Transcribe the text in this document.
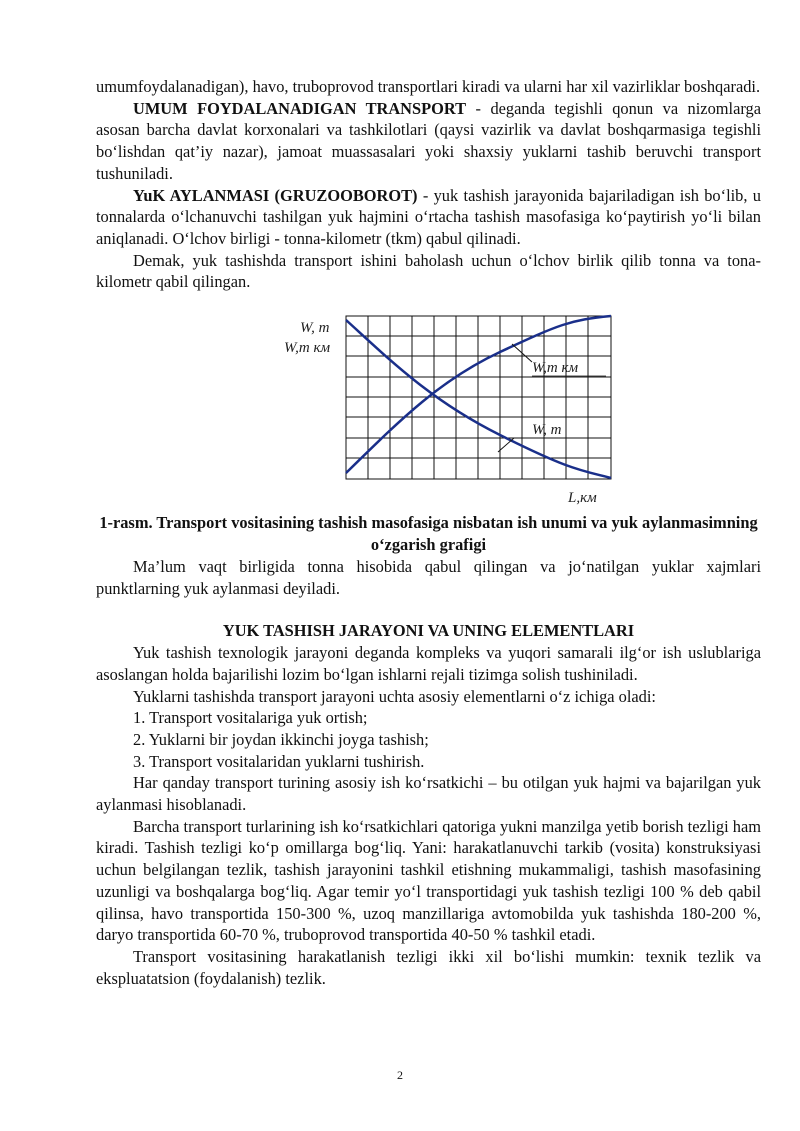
umumfoydalanadigan), havo, truboprovod transportlari kiradi va ularni har xil vazirliklar boshqaradi.

UMUM FOYDALANADIGAN TRANSPORT - deganda tegishli qonun va nizomlarga asosan barcha davlat korxonalari va tashkilotlari (qaysi vazirlik va davlat boshqarmasiga tegishli bo‘lishdan qat’iy nazar), jamoat muassasalari yoki shaxsiy yuklarni tashib beruvchi transport tushuniladi.

YuK AYLANMASI (GRUZOOBOROT) - yuk tashish jarayonida bajariladigan ish bo‘lib, u tonnalarda o‘lchanuvchi tashilgan yuk hajmini o‘rtacha tashish masofasiga ko‘paytirish yo‘li bilan aniqlanadi. O‘lchov birligi - tonna-kilometr (tkm) qabul qilinadi.

Demak, yuk tashishda transport ishini baholash uchun o‘lchov birlik qilib tonna va tona-kilometr qabil qilingan.

W, m
W,m км
W,m км
W, m
L,км
1-rasm. Transport vositasining tashish masofasiga nisbatan ish unumi va yuk aylanmasimning o‘zgarish grafigi

Ma’lum vaqt birligida tonna hisobida qabul qilingan va jo‘natilgan yuklar xajmlari punktlarning yuk aylanmasi deyiladi.

YUK TASHISH JARAYONI VA UNING ELEMENTLARI

Yuk tashish texnologik jarayoni deganda kompleks va yuqori samarali ilg‘or ish uslublariga asoslangan holda bajarilishi lozim bo‘lgan ishlarni rejali tizimga solish tushiniladi.

Yuklarni tashishda transport jarayoni uchta asosiy elementlarni o‘z ichiga oladi:

1. Transport vositalariga yuk ortish;

2. Yuklarni bir joydan ikkinchi joyga tashish;

3. Transport vositalaridan yuklarni tushirish.

Har qanday transport turining asosiy ish ko‘rsatkichi – bu otilgan yuk hajmi va bajarilgan yuk aylanmasi hisoblanadi.

Barcha transport turlarining ish ko‘rsatkichlari qatoriga yukni manzilga yetib borish tezligi ham kiradi. Tashish tezligi ko‘p omillarga bog‘liq. Yani: harakatlanuvchi tarkib (vosita) konstruksiyasi uchun belgilangan tezlik, tashish jarayonini tashkil etishning mukammaligi, tashish masofasining uzunligi va boshqalarga bog‘liq. Agar temir yo‘l transportidagi yuk tashish tezligi 100 % deb qabil qilinsa, havo transportida 150-300 %, uzoq manzillariga avtomobilda yuk tashishda 180-200 %, daryo transportida 60-70 %, truboprovod transportida 40-50 % tashkil etadi.

Transport vositasining harakatlanish tezligi ikki xil bo‘lishi mumkin: texnik tezlik va ekspluatatsion (foydalanish) tezlik.

2
